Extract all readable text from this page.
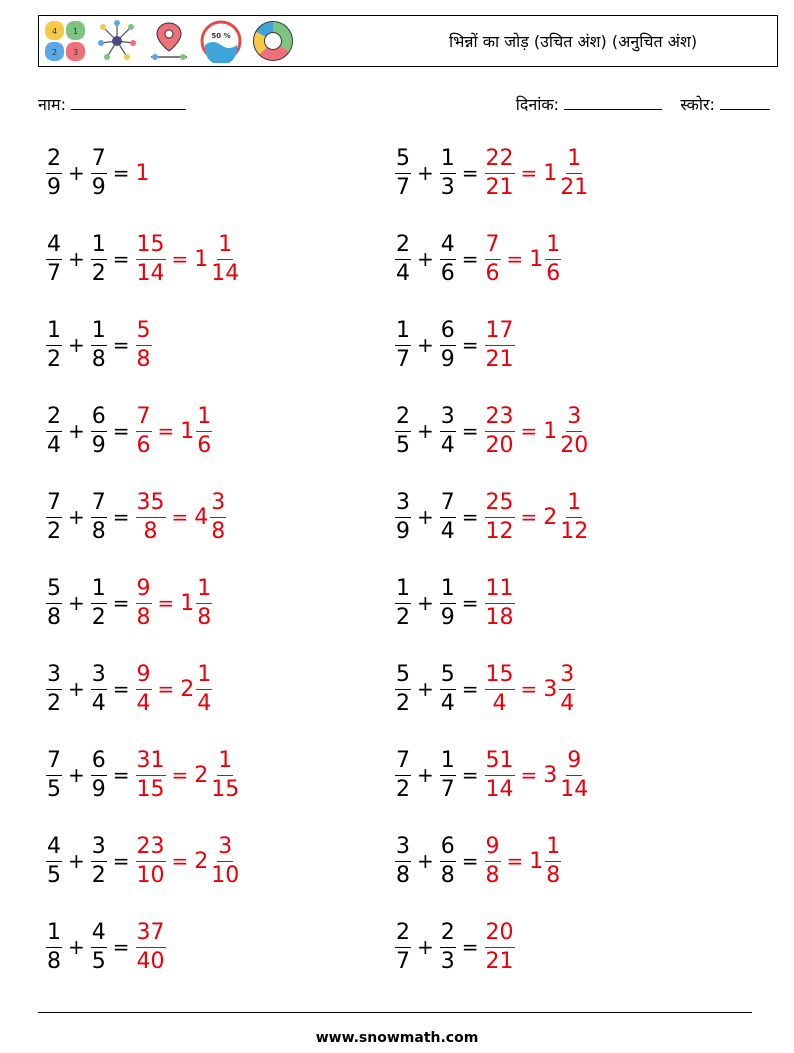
4 1
2 3
50 %	भिन्नों का जोड़ (उचित अंश) (अनुचित अंश)
नाम:	दिनांक:	स्कोर:
$\frac{2}{9} + \frac{7}{9} = 1$	$\frac{5}{7} + \frac{1}{3} = \frac{22}{21} = 1 \frac{1}{21}$
$\frac{4}{7} + \frac{1}{2} = \frac{15}{14} = 1 \frac{1}{14}$	$\frac{2}{4} + \frac{4}{6} = \frac{7}{6} = 1 \frac{1}{6}$
$\frac{1}{2} + \frac{1}{8} = \frac{5}{8}$	$\frac{1}{7} + \frac{6}{9} = \frac{17}{21}$
$\frac{2}{4} + \frac{6}{9} = \frac{7}{6} = 1 \frac{1}{6}$	$\frac{2}{5} + \frac{3}{4} = \frac{23}{20} = 1 \frac{3}{20}$
$\frac{7}{2} + \frac{7}{8} = \frac{35}{8} = 4 \frac{3}{8}$	$\frac{3}{9} + \frac{7}{4} = \frac{25}{12} = 2 \frac{1}{12}$
$\frac{5}{8} + \frac{1}{2} = \frac{9}{8} = 1 \frac{1}{8}$	$\frac{1}{2} + \frac{1}{9} = \frac{11}{18}$
$\frac{3}{2} + \frac{3}{4} = \frac{9}{4} = 2 \frac{1}{4}$	$\frac{5}{2} + \frac{5}{4} = \frac{15}{4} = 3 \frac{3}{4}$
$\frac{7}{5} + \frac{6}{9} = \frac{31}{15} = 2 \frac{1}{15}$	$\frac{7}{2} + \frac{1}{7} = \frac{51}{14} = 3 \frac{9}{14}$
$\frac{4}{5} + \frac{3}{2} = \frac{23}{10} = 2 \frac{3}{10}$	$\frac{3}{8} + \frac{6}{8} = \frac{9}{8} = 1 \frac{1}{8}$
$\frac{1}{8} + \frac{4}{5} = \frac{37}{40}$	$\frac{2}{7} + \frac{2}{3} = \frac{20}{21}$
www.snowmath.com
